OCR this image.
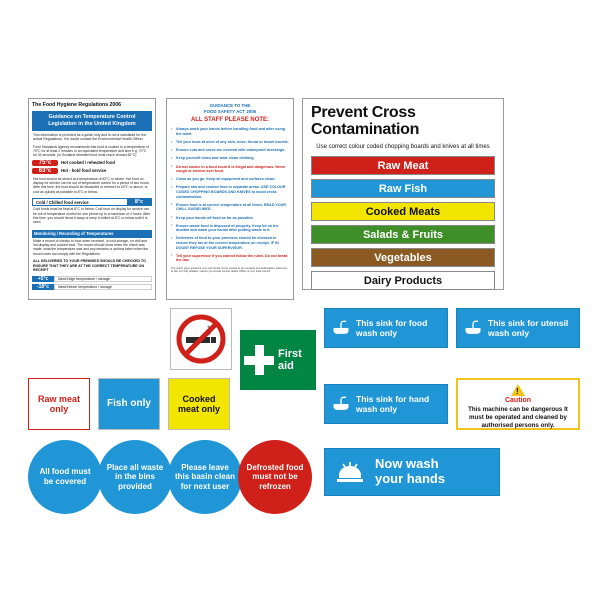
The Food Hygiene Regulations 2006
Guidance on Temperature Control Legislation in the United Kingdom
This information is provided as a guide only and is not a substitute for the actual Regulations. If in doubt contact the Environmental Health Officer
Food Standards Agency recommends that food is cooked to a temperature of 75°C for at least 2 minutes or an equivalent temperature and time e.g. 70°C for 30 seconds. (In Scotland reheated food must reach at least 82°C)
75°c	Hot cooked / reheated food
63°c	Hot - hold food service
Hot food should be stored at a temperature of 63°C or above. Hot food on display for service can be out of temperature control for a period of two hours. After this time, the food should be discarded or reheat it to 63°C or above, or cool as quickly as possible to 8°C or below.
Cold / Chilled food service	8°c
Cold foods must be kept at 8°C or below. Cold food on display for service can be out of temperature control for one period up to a maximum of 4 hours. After this time, you should throw it away or keep it chilled at 8°C or below until it is used.
Monitoring / Recording of Temperatures
Make a record of checks to food when received, in cold storage, on chill and hot display and cooked food. The record should show when the check was made, what the temperature was and any remarks or actions taken when the record does not comply with the Regulations.
ALL DELIVERIES TO YOUR PREMISES SHOULD BE CHECKED TO ENSURE THAT THEY ARE AT THE CORRECT TEMPERATURE ON RECEIPT
+5°c	Ideal fridge temperature / storage
-18°c	Ideal freezer temperature / storage
GUIDANCE TO THE
FOOD SAFETY ACT 2006
ALL STAFF PLEASE NOTE:
• Always wash your hands before handling food and after using the toilet.
• Tell your boss at once of any skin, nose, throat or bowel trouble.
• Ensure cuts and sores are covered with waterproof dressings.
• Keep yourself clean and wear clean clothing.
• Do not smoke in a food room It is illegal and dangerous. Never cough or sneeze over food.
• Clean as you go. Keep all equipment and surfaces clean.
• Prepare raw and cooked food in separate areas. USE COLOUR CODED CHOPPING BOARDS AND KNIVES to avoid cross contamination.
• Ensure food is at correct temperature at all times. READ YOUR CHILL GUIDELINES.
• Keep your hands off food as far as possible.
• Ensure waste food is disposed of properly. Keep lid on the dustbin and wash your hands after putting waste in it.
• Deliveries of food to your premises should be checked to ensure they are at the correct temperature on receipt. IF IN DOUBT REFUSE YOUR SUPERVISOR.
• Tell your supervisor if you cannot follow the rules. Do not break the law.
The words given guidance only and should not be viewed as an complete and authoritative statement of law. For fully detailed / advice you should consult Health Officer at your local council.
Prevent Cross
Contamination
Use correct colour coded chopping boards and knives at all times
Raw Meat
Raw Fish
Cooked Meats
Salads & Fruits
Vegetables
Dairy Products
First aid
This sink for food wash only
This sink for utensil wash only
This sink for hand wash only
!
Caution
This machine can be dangerous It must be operated and cleaned by authorised persons only.
Raw meat only	Fish only	Cooked meat only
All food must be covered
Place all waste in the bins provided
Please leave this basin clean for next user
Defrosted food must not be refrozen
Now wash
your hands
